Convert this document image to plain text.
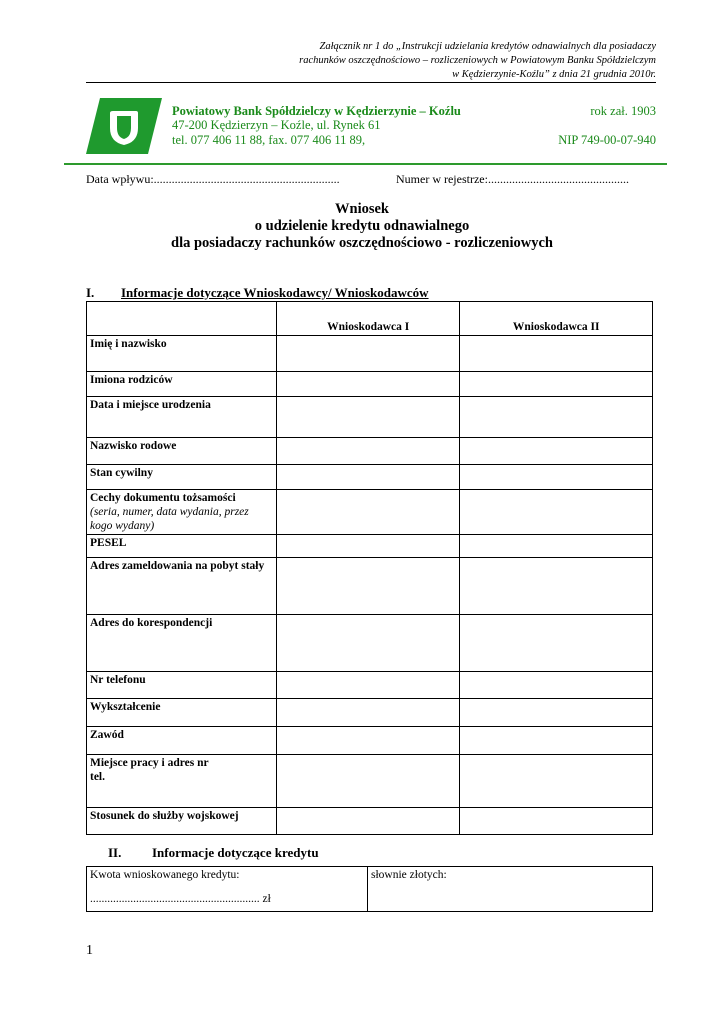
Załącznik nr 1 do „Instrukcji udzielania kredytów odnawialnych dla posiadaczy
rachunków oszczędnościowo – rozliczeniowych w Powiatowym Banku Spółdzielczym
w Kędzierzynie-Koźlu” z dnia 21 grudnia 2010r.
Powiatowy Bank Spółdzielczy w Kędzierzynie – Koźlu
47-200 Kędzierzyn – Koźle, ul. Rynek 61
tel. 077 406 11 88, fax. 077 406 11 89,
rok zał. 1903
NIP 749-00-07-940
Data wpływu:..............................................................	Numer w rejestrze:...............................................
Wniosek
o udzielenie kredytu odnawialnego
dla posiadaczy rachunków oszczędnościowo - rozliczeniowych
I. Informacje dotyczące Wnioskodawcy/ Wnioskodawców
	Wnioskodawca I	Wnioskodawca II
Imię i nazwisko		
Imiona rodziców		
Data i miejsce urodzenia		
Nazwisko rodowe		
Stan cywilny		
Cechy dokumentu tożsamości
(seria, numer, data wydania, przez kogo wydany)		

PESEL		
Adres zameldowania na pobyt stały		
Adres do korespondencji		
Nr telefonu		
Wykształcenie		
Zawód		

Miejsce pracy i adres nr tel.		

Stosunek do służby wojskowej		
II. Informacje dotyczące kredytu
Kwota wnioskowanego kredytu:
........................................................... zł
	słownie złotych:
1
